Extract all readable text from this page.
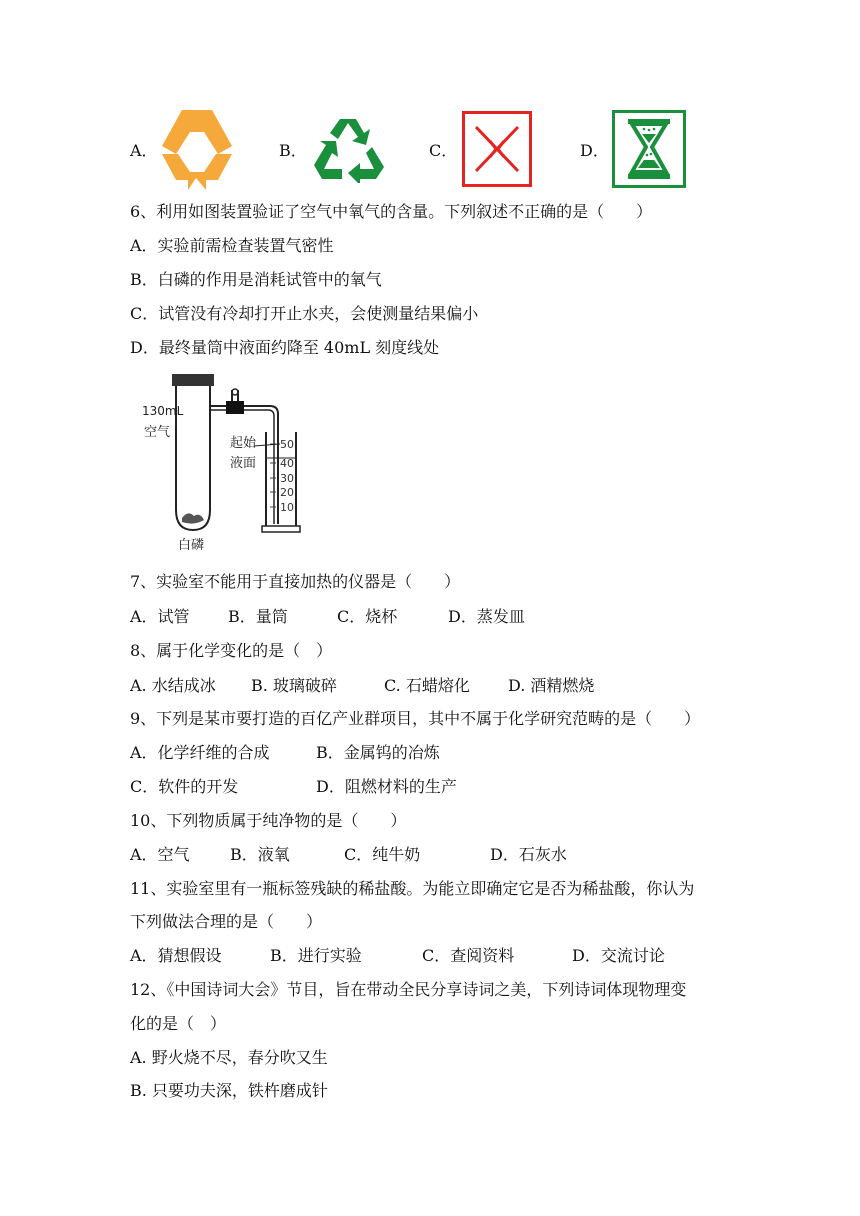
A．	B．	C．	D．
6、利用如图装置验证了空气中氧气的含量。下列叙述不正确的是（　　）
A．实验前需检查装置气密性
B．白磷的作用是消耗试管中的氧气
C．试管没有冷却打开止水夹，会使测量结果偏小
D．最终量筒中液面约降至 40mL 刻度线处
130mL
空气
起始
液面
白磷
50
40
30
20
10
7、实验室不能用于直接加热的仪器是（　　）
A．试管 B．量筒	C．烧杯	D．蒸发皿
8、属于化学变化的是（　）
A. 水结成冰 B. 玻璃破碎	C. 石蜡熔化 D. 酒精燃烧
9、下列是某市要打造的百亿产业群项目，其中不属于化学研究范畴的是（　　）
A．化学纤维的合成	B．金属钨的冶炼
C．软件的开发	D．阻燃材料的生产
10、下列物质属于纯净物的是（　　）
A．空气	B．液氧	C．纯牛奶	D．石灰水
11、实验室里有一瓶标签残缺的稀盐酸。为能立即确定它是否为稀盐酸，你认为
下列做法合理的是（　　）
A．猜想假设	B．进行实验	C．查阅资料	D．交流讨论
12、《中国诗词大会》节目，旨在带动全民分享诗词之美，下列诗词体现物理变
化的是（　）
A. 野火烧不尽，春分吹又生
B. 只要功夫深，铁杵磨成针
